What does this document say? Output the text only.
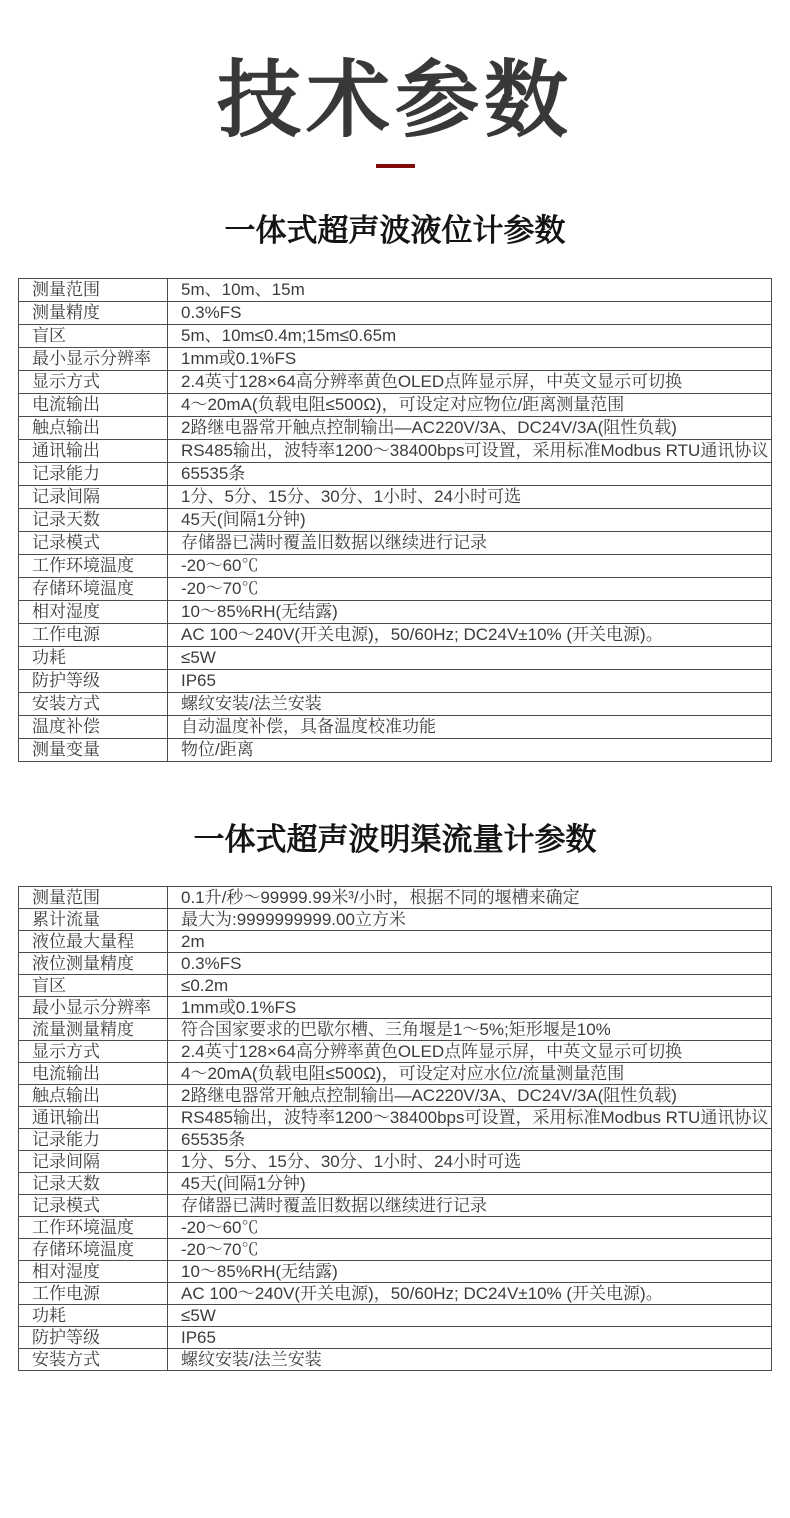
技术参数
一体式超声波液位计参数
测量范围	5m、10m、15m
测量精度	0.3%FS
盲区	5m、10m≤0.4m;15m≤0.65m
最小显示分辨率	1mm或0.1%FS
显示方式	2.4英寸128×64高分辨率黄色OLED点阵显示屏，中英文显示可切换
电流输出	4～20mA(负载电阻≤500Ω)，可设定对应物位/距离测量范围
触点输出	2路继电器常开触点控制输出—AC220V/3A、DC24V/3A(阻性负载)
通讯输出	RS485输出，波特率1200～38400bps可设置，采用标准Modbus RTU通讯协议
记录能力	65535条
记录间隔	1分、5分、15分、30分、1小时、24小时可选
记录天数	45天(间隔1分钟)
记录模式	存储器已满时覆盖旧数据以继续进行记录
工作环境温度	-20～60℃
存储环境温度	-20～70℃
相对湿度	10～85%RH(无结露)
工作电源	AC 100～240V(开关电源)，50/60Hz; DC24V±10% (开关电源)。
功耗	≤5W
防护等级	IP65
安装方式	螺纹安装/法兰安装
温度补偿	自动温度补偿，具备温度校准功能
测量变量	物位/距离
一体式超声波明渠流量计参数
测量范围	0.1升/秒～99999.99米³/小时，根据不同的堰槽来确定
累计流量	最大为:9999999999.00立方米
液位最大量程	2m
液位测量精度	0.3%FS
盲区	≤0.2m
最小显示分辨率	1mm或0.1%FS
流量测量精度	符合国家要求的巴歇尔槽、三角堰是1～5%;矩形堰是10%
显示方式	2.4英寸128×64高分辨率黄色OLED点阵显示屏，中英文显示可切换
电流输出	4～20mA(负载电阻≤500Ω)，可设定对应水位/流量测量范围
触点输出	2路继电器常开触点控制输出—AC220V/3A、DC24V/3A(阻性负载)
通讯输出	RS485输出，波特率1200～38400bps可设置，采用标准Modbus RTU通讯协议
记录能力	65535条
记录间隔	1分、5分、15分、30分、1小时、24小时可选
记录天数	45天(间隔1分钟)
记录模式	存储器已满时覆盖旧数据以继续进行记录
工作环境温度	-20～60℃
存储环境温度	-20～70℃
相对湿度	10～85%RH(无结露)
工作电源	AC 100～240V(开关电源)，50/60Hz; DC24V±10% (开关电源)。
功耗	≤5W
防护等级	IP65
安装方式	螺纹安装/法兰安装
